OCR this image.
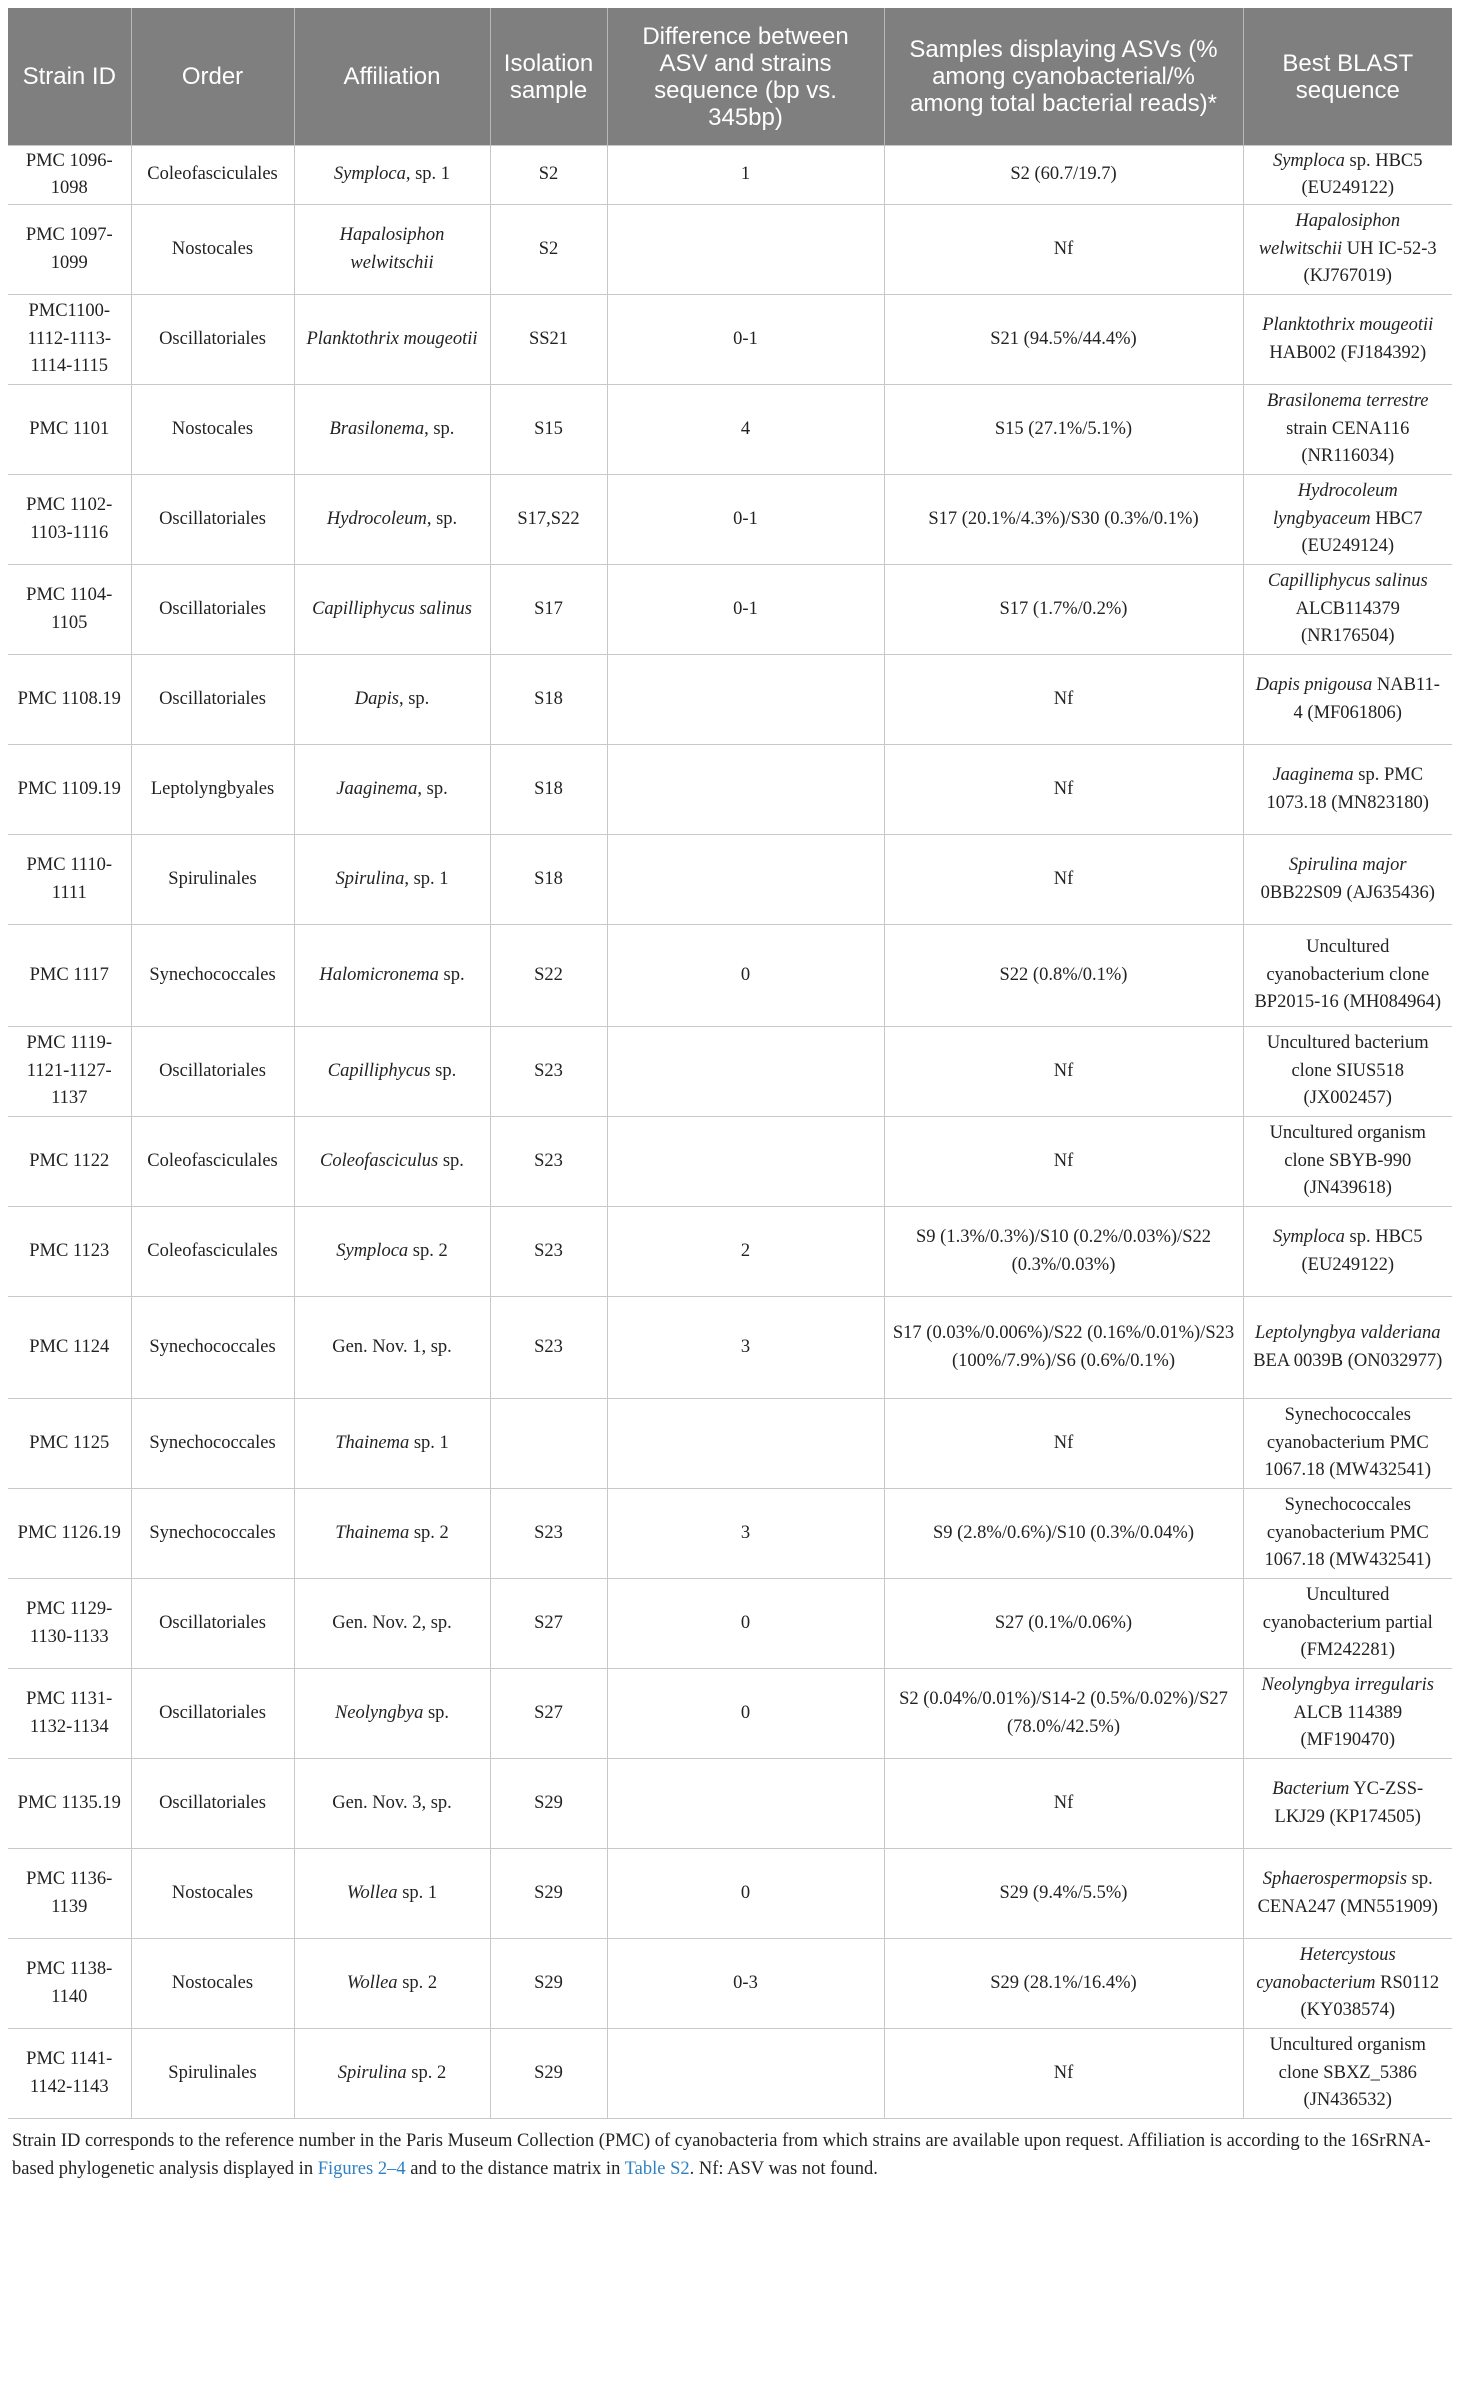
Strain ID	Order	Affiliation	Isolation sample	Difference between ASV and strains sequence (bp vs. 345bp)	Samples displaying ASVs (% among cyanobacterial/% among total bacterial reads)*	Best BLAST sequence
PMC 1096-1098	Coleofasciculales	Symploca, sp. 1	S2	1	S2 (60.7/19.7)	Symploca sp. HBC5 (EU249122)
PMC 1097-1099	Nostocales	Hapalosiphon welwitschii	S2		Nf	Hapalosiphon welwitschii UH IC-52-3 (KJ767019)
PMC1100-1112-1113-1114-1115	Oscillatoriales	Planktothrix mougeotii	SS21	0-1	S21 (94.5%/44.4%)	Planktothrix mougeotii HAB002 (FJ184392)
PMC 1101	Nostocales	Brasilonema, sp.	S15	4	S15 (27.1%/5.1%)	Brasilonema terrestre strain CENA116 (NR116034)
PMC 1102-1103-1116	Oscillatoriales	Hydrocoleum, sp.	S17,S22	0-1	S17 (20.1%/4.3%)/S30 (0.3%/0.1%)	Hydrocoleum lyngbyaceum HBC7 (EU249124)
PMC 1104-1105	Oscillatoriales	Capilliphycus salinus	S17	0-1	S17 (1.7%/0.2%)	Capilliphycus salinus ALCB114379 (NR176504)
PMC 1108.19	Oscillatoriales	Dapis, sp.	S18		Nf	Dapis pnigousa NAB11-4 (MF061806)
PMC 1109.19	Leptolyngbyales	Jaaginema, sp.	S18		Nf	Jaaginema sp. PMC 1073.18 (MN823180)
PMC 1110-1111	Spirulinales	Spirulina, sp. 1	S18		Nf	Spirulina major 0BB22S09 (AJ635436)
PMC 1117	Synechococcales	Halomicronema sp.	S22	0	S22 (0.8%/0.1%)	Uncultured cyanobacterium clone BP2015-16 (MH084964)
PMC 1119-1121-1127-1137	Oscillatoriales	Capilliphycus sp.	S23		Nf	Uncultured bacterium clone SIUS518 (JX002457)
PMC 1122	Coleofasciculales	Coleofasciculus sp.	S23		Nf	Uncultured organism clone SBYB-990 (JN439618)
PMC 1123	Coleofasciculales	Symploca sp. 2	S23	2	S9 (1.3%/0.3%)/S10 (0.2%/0.03%)/S22 (0.3%/0.03%)	Symploca sp. HBC5 (EU249122)
PMC 1124	Synechococcales	Gen. Nov. 1, sp.	S23	3	S17 (0.03%/0.006%)/S22 (0.16%/0.01%)/S23 (100%/7.9%)/S6 (0.6%/0.1%)	Leptolyngbya valderiana BEA 0039B (ON032977)
PMC 1125	Synechococcales	Thainema sp. 1			Nf	Synechococcales cyanobacterium PMC 1067.18 (MW432541)
PMC 1126.19	Synechococcales	Thainema sp. 2	S23	3	S9 (2.8%/0.6%)/S10 (0.3%/0.04%)	Synechococcales cyanobacterium PMC 1067.18 (MW432541)
PMC 1129-1130-1133	Oscillatoriales	Gen. Nov. 2, sp.	S27	0	S27 (0.1%/0.06%)	Uncultured cyanobacterium partial (FM242281)
PMC 1131-1132-1134	Oscillatoriales	Neolyngbya sp.	S27	0	S2 (0.04%/0.01%)/S14-2 (0.5%/0.02%)/S27 (78.0%/42.5%)	Neolyngbya irregularis ALCB 114389 (MF190470)
PMC 1135.19	Oscillatoriales	Gen. Nov. 3, sp.	S29		Nf	Bacterium YC-ZSS-LKJ29 (KP174505)
PMC 1136-1139	Nostocales	Wollea sp. 1	S29	0	S29 (9.4%/5.5%)	Sphaerospermopsis sp. CENA247 (MN551909)
PMC 1138-1140	Nostocales	Wollea sp. 2	S29	0-3	S29 (28.1%/16.4%)	Hetercystous cyanobacterium RS0112 (KY038574)
PMC 1141-1142-1143	Spirulinales	Spirulina sp. 2	S29		Nf	Uncultured organism clone SBXZ_5386 (JN436532)
Strain ID corresponds to the reference number in the Paris Museum Collection (PMC) of cyanobacteria from which strains are available upon request. Affiliation is according to the 16SrRNA-based phylogenetic analysis displayed in Figures 2–4 and to the distance matrix in Table S2. Nf: ASV was not found.
